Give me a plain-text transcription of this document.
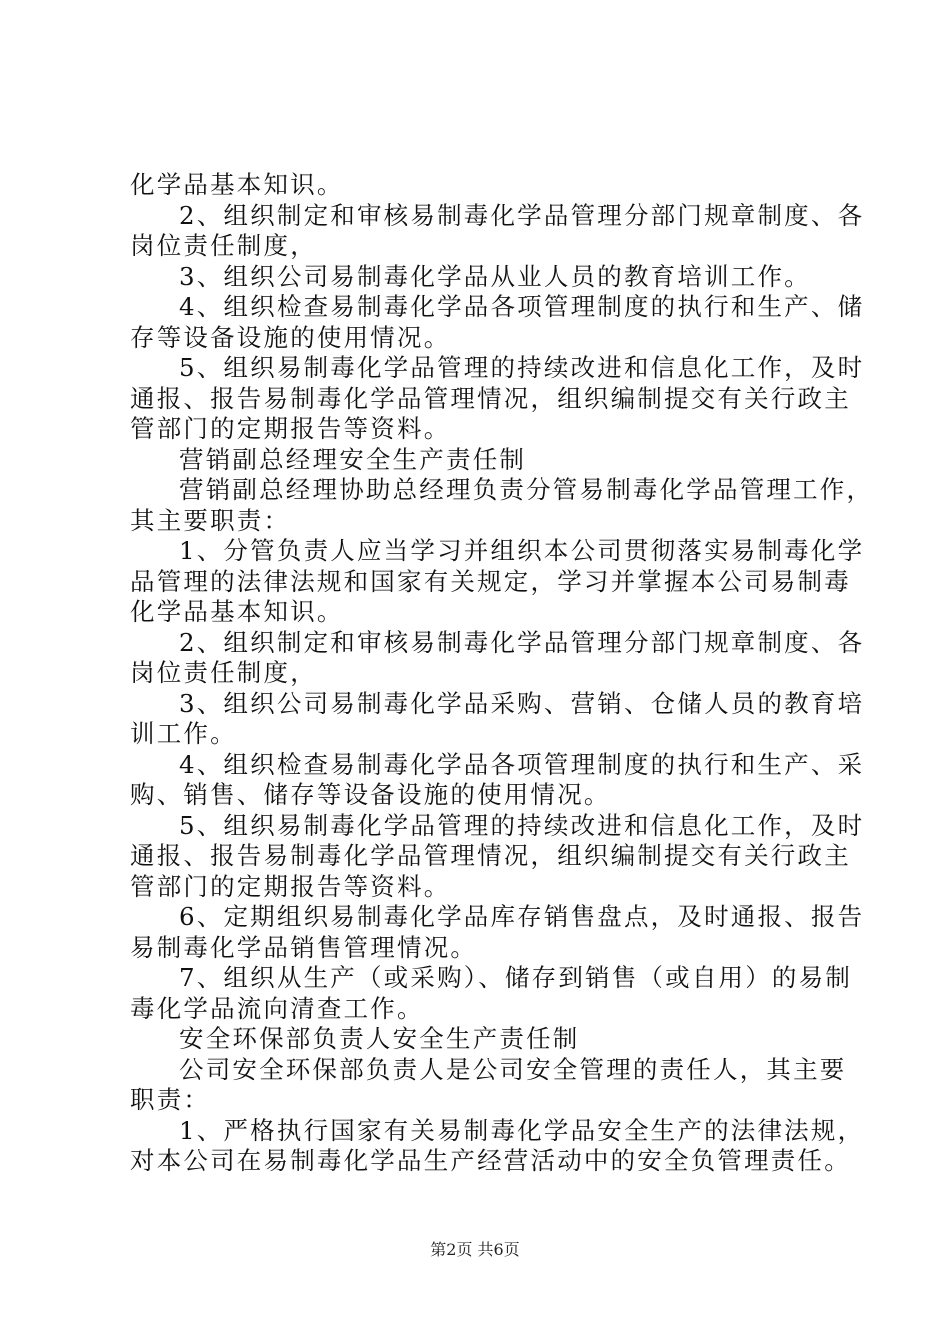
化学品基本知识。
2、组织制定和审核易制毒化学品管理分部门规章制度、各
岗位责任制度，
3、组织公司易制毒化学品从业人员的教育培训工作。
4、组织检查易制毒化学品各项管理制度的执行和生产、储
存等设备设施的使用情况。
5、组织易制毒化学品管理的持续改进和信息化工作，及时
通报、报告易制毒化学品管理情况，组织编制提交有关行政主
管部门的定期报告等资料。
营销副总经理安全生产责任制
营销副总经理协助总经理负责分管易制毒化学品管理工作，
其主要职责：
1、分管负责人应当学习并组织本公司贯彻落实易制毒化学
品管理的法律法规和国家有关规定，学习并掌握本公司易制毒
化学品基本知识。
2、组织制定和审核易制毒化学品管理分部门规章制度、各
岗位责任制度，
3、组织公司易制毒化学品采购、营销、仓储人员的教育培
训工作。
4、组织检查易制毒化学品各项管理制度的执行和生产、采
购、销售、储存等设备设施的使用情况。
5、组织易制毒化学品管理的持续改进和信息化工作，及时
通报、报告易制毒化学品管理情况，组织编制提交有关行政主
管部门的定期报告等资料。
6、定期组织易制毒化学品库存销售盘点，及时通报、报告
易制毒化学品销售管理情况。
7、组织从生产（或采购）、储存到销售（或自用）的易制
毒化学品流向清查工作。
安全环保部负责人安全生产责任制
公司安全环保部负责人是公司安全管理的责任人，其主要
职责：
1、严格执行国家有关易制毒化学品安全生产的法律法规，
对本公司在易制毒化学品生产经营活动中的安全负管理责任。
第2页 共6页
